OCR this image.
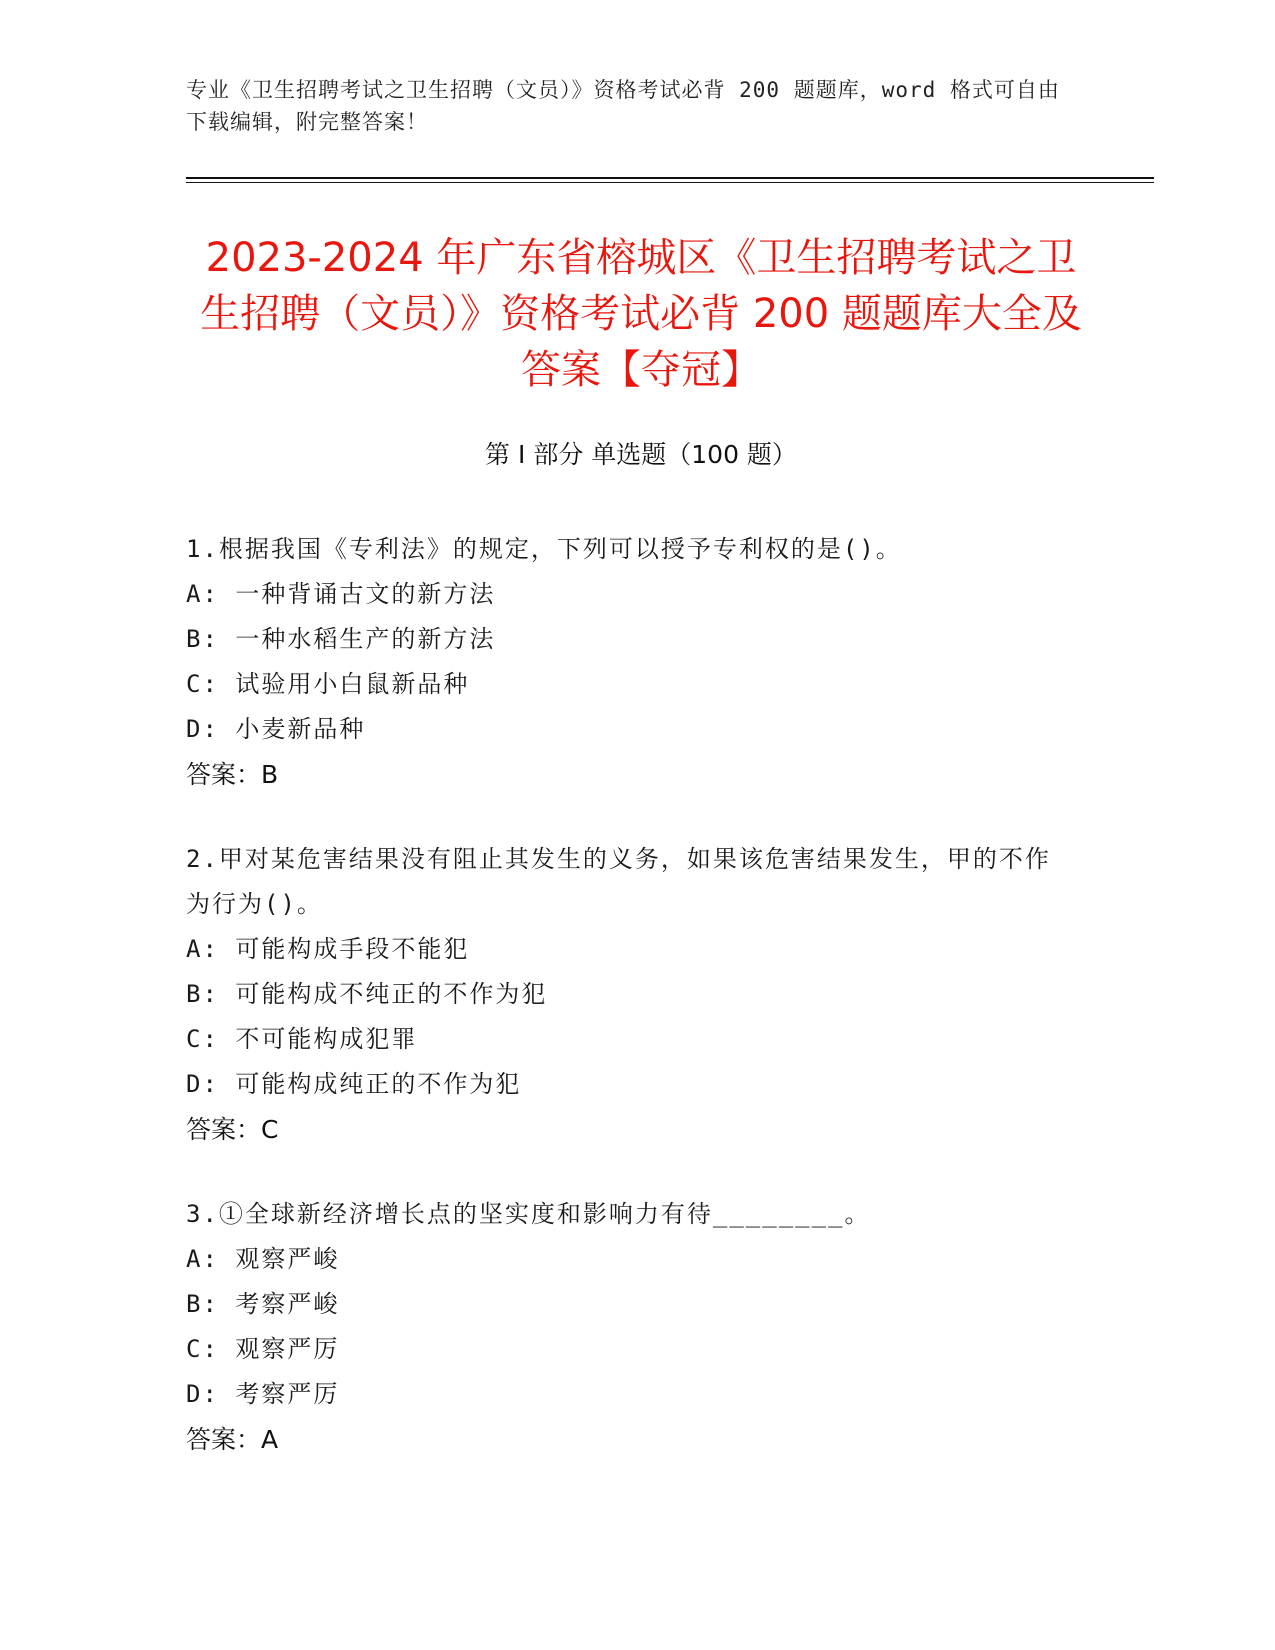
专业《卫生招聘考试之卫生招聘（文员）》资格考试必背 200 题题库，word 格式可自由下载编辑，附完整答案！

2023-2024 年广东省榕城区《卫生招聘考试之卫生招聘（文员）》资格考试必背 200 题题库大全及答案【夺冠】
第 I 部分 单选题（100 题）

1.根据我国《专利法》的规定，下列可以授予专利权的是()。

A: 一种背诵古文的新方法

B: 一种水稻生产的新方法

C: 试验用小白鼠新品种

D: 小麦新品种

答案：B

2.甲对某危害结果没有阻止其发生的义务，如果该危害结果发生，甲的不作为行为()。

A: 可能构成手段不能犯

B: 可能构成不纯正的不作为犯

C: 不可能构成犯罪

D: 可能构成纯正的不作为犯

答案：C

3.①全球新经济增长点的坚实度和影响力有待________。

A: 观察严峻

B: 考察严峻

C: 观察严厉

D: 考察严厉

答案：A
